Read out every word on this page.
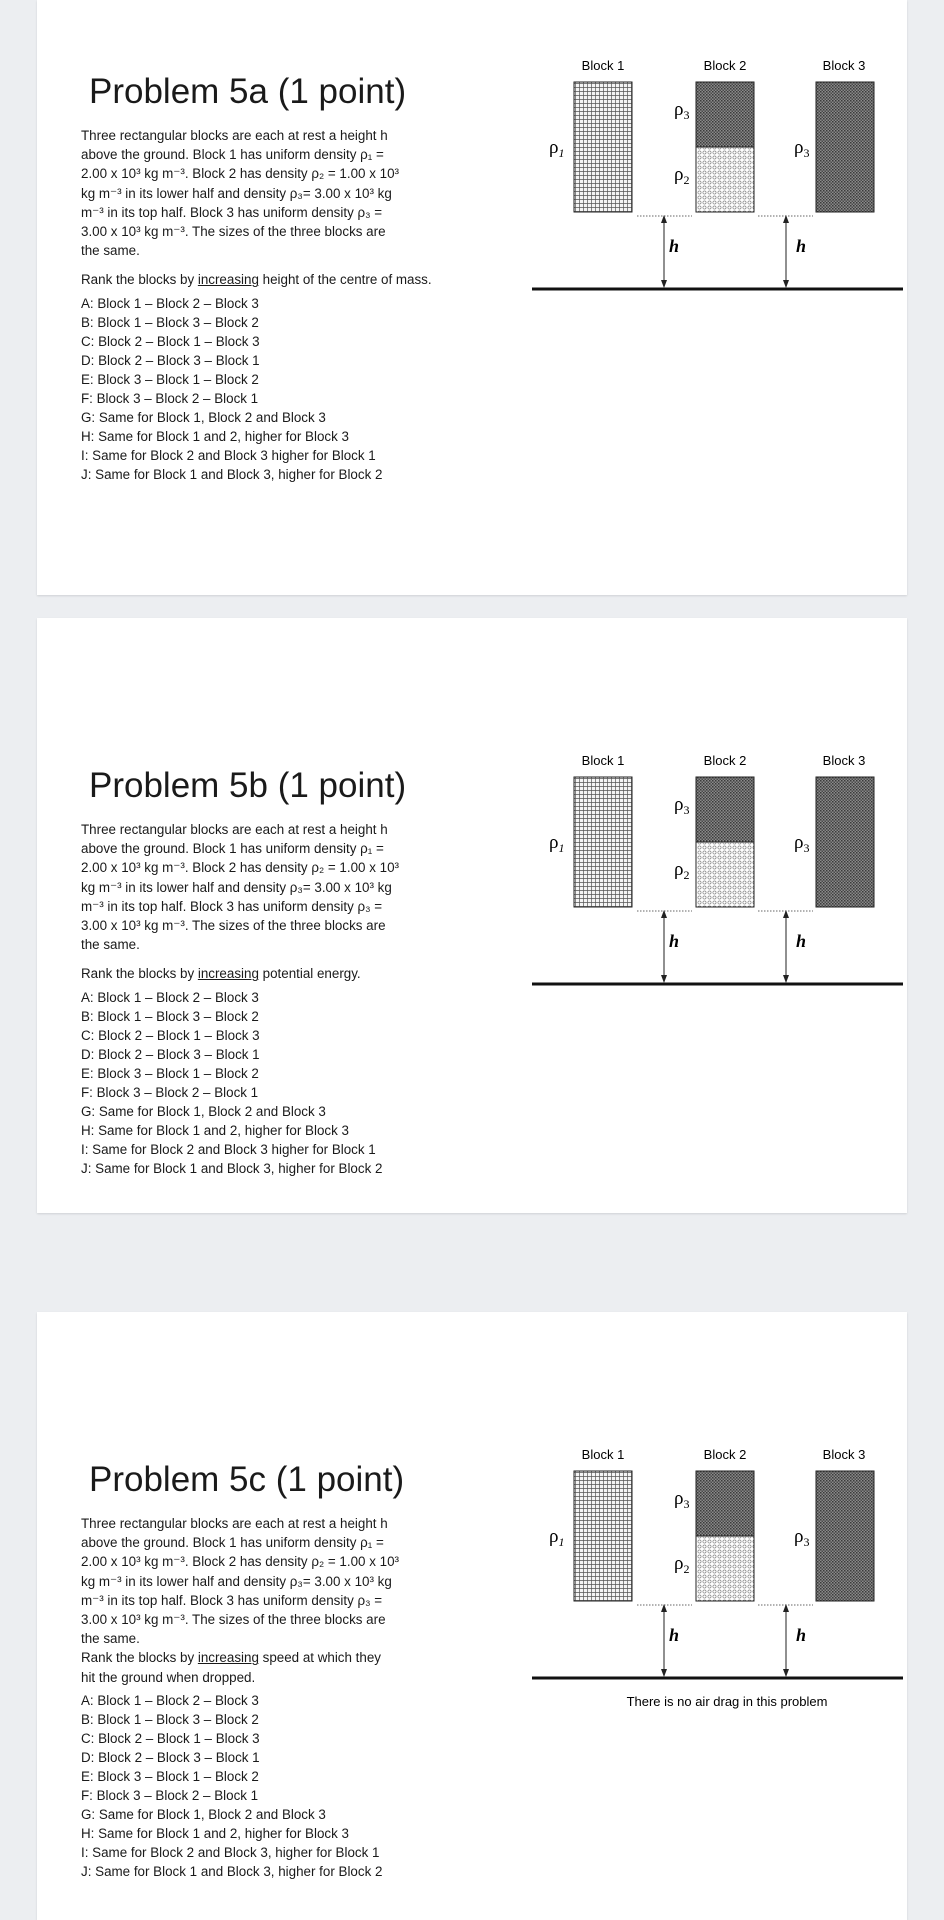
Problem 5a (1 point)
Three rectangular blocks are each at rest a height h
above the ground. Block 1 has uniform density ρ₁ =
2.00 x 10³ kg m⁻³. Block 2 has density ρ₂ = 1.00 x 10³
kg m⁻³ in its lower half and density ρ₃= 3.00 x 10³ kg
m⁻³ in its top half. Block 3 has uniform density ρ₃ =
3.00 x 10³ kg m⁻³. The sizes of the three blocks are
the same.
Rank the blocks by increasing height of the centre of mass.
A: Block 1 – Block 2 – Block 3
B: Block 1 – Block 3 – Block 2
C: Block 2 – Block 1 – Block 3
D: Block 2 – Block 3 – Block 1
E: Block 3 – Block 1 – Block 2
F: Block 3 – Block 2 – Block 1
G: Same for Block 1, Block 2 and Block 3
H: Same for Block 1 and 2, higher for Block 3
I: Same for Block 2 and Block 3 higher for Block 1
J: Same for Block 1 and Block 3, higher for Block 2
Block 1	Block 2	Block 3
$\rho_1$
$\rho_3$
$\rho_2$
$\rho_3$
h	h
Problem 5b (1 point)
Three rectangular blocks are each at rest a height h
above the ground. Block 1 has uniform density ρ₁ =
2.00 x 10³ kg m⁻³. Block 2 has density ρ₂ = 1.00 x 10³
kg m⁻³ in its lower half and density ρ₃= 3.00 x 10³ kg
m⁻³ in its top half. Block 3 has uniform density ρ₃ =
3.00 x 10³ kg m⁻³. The sizes of the three blocks are
the same.
Rank the blocks by increasing potential energy.
A: Block 1 – Block 2 – Block 3
B: Block 1 – Block 3 – Block 2
C: Block 2 – Block 1 – Block 3
D: Block 2 – Block 3 – Block 1
E: Block 3 – Block 1 – Block 2
F: Block 3 – Block 2 – Block 1
G: Same for Block 1, Block 2 and Block 3
H: Same for Block 1 and 2, higher for Block 3
I: Same for Block 2 and Block 3 higher for Block 1
J: Same for Block 1 and Block 3, higher for Block 2
Block 1	Block 2	Block 3
$\rho_1$
$\rho_3$
$\rho_2$
$\rho_3$
h	h
Problem 5c (1 point)
Three rectangular blocks are each at rest a height h
above the ground. Block 1 has uniform density ρ₁ =
2.00 x 10³ kg m⁻³. Block 2 has density ρ₂ = 1.00 x 10³
kg m⁻³ in its lower half and density ρ₃= 3.00 x 10³ kg
m⁻³ in its top half. Block 3 has uniform density ρ₃ =
3.00 x 10³ kg m⁻³. The sizes of the three blocks are
the same.
Rank the blocks by increasing speed at which they
hit the ground when dropped.
A: Block 1 – Block 2 – Block 3
B: Block 1 – Block 3 – Block 2
C: Block 2 – Block 1 – Block 3
D: Block 2 – Block 3 – Block 1
E: Block 3 – Block 1 – Block 2
F: Block 3 – Block 2 – Block 1
G: Same for Block 1, Block 2 and Block 3
H: Same for Block 1 and 2, higher for Block 3
I: Same for Block 2 and Block 3, higher for Block 1
J: Same for Block 1 and Block 3, higher for Block 2
Block 1	Block 2	Block 3
$\rho_1$
$\rho_3$
$\rho_2$
$\rho_3$
h	h
There is no air drag in this problem
